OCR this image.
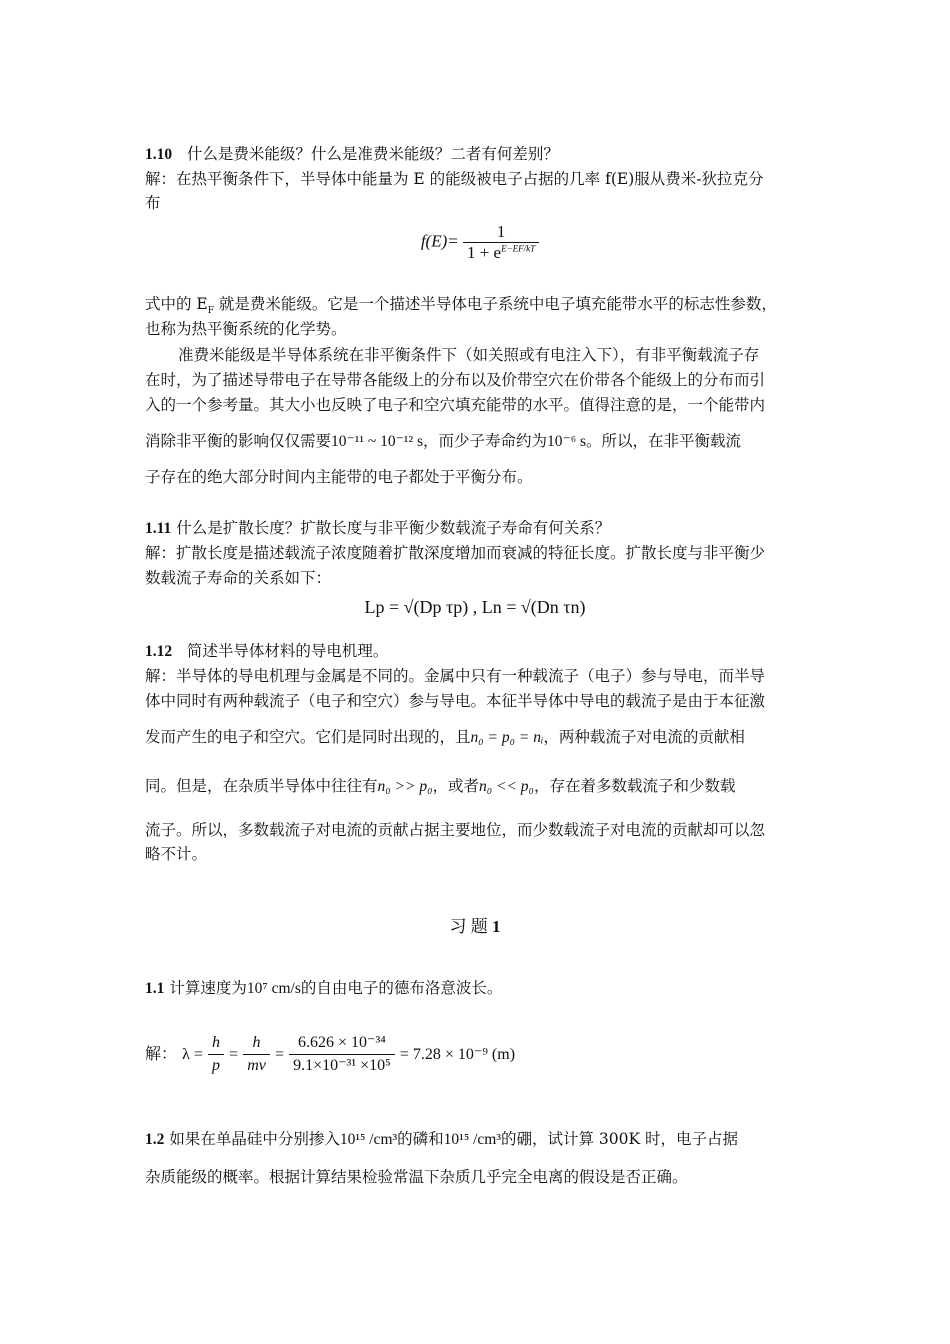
1.10 什么是费米能级？什么是准费米能级？二者有何差别？
解：在热平衡条件下，半导体中能量为 E 的能级被电子占据的几率 f(E)服从费米-狄拉克分
布
$f(E)= \frac{1}{1 + e^{E-EF/kT}}$
式中的 $E_F$ 就是费米能级。它是一个描述半导体电子系统中电子填充能带水平的标志性参数，
也称为热平衡系统的化学势。
准费米能级是半导体系统在非平衡条件下（如关照或有电注入下），有非平衡载流子存
在时，为了描述导带电子在导带各能级上的分布以及价带空穴在价带各个能级上的分布而引
入的一个参考量。其大小也反映了电子和空穴填充能带的水平。值得注意的是，一个能带内
消除非平衡的影响仅仅需要10⁻¹¹ ~ 10⁻¹² s，而少子寿命约为10⁻⁶ s。所以，在非平衡载流
子存在的绝大部分时间内主能带的电子都处于平衡分布。
1.11 什么是扩散长度？扩散长度与非平衡少数载流子寿命有何关系？
解：扩散长度是描述载流子浓度随着扩散深度增加而衰减的特征长度。扩散长度与非平衡少
数载流子寿命的关系如下：
Lp = √(Dp τp) , Ln = √(Dn τn)
1.12 简述半导体材料的导电机理。
解：半导体的导电机理与金属是不同的。金属中只有一种载流子（电子）参与导电，而半导
体中同时有两种载流子（电子和空穴）参与导电。本征半导体中导电的载流子是由于本征激
发而产生的电子和空穴。它们是同时出现的，且n₀ = p₀ = nᵢ，两种载流子对电流的贡献相
同。但是，在杂质半导体中往往有n₀ >> p₀，或者n₀ << p₀，存在着多数载流子和少数载
流子。所以，多数载流子对电流的贡献占据主要地位，而少数载流子对电流的贡献却可以忽
略不计。
习 题 1
1.1 计算速度为10⁷ cm/s的自由电子的德布洛意波长。
解： $\lambda = \frac{h}{p} = \frac{h}{mv} = \frac{\text{6.626 × 10⁻³⁴}}{\text{9.1×10⁻³¹ ×10⁵}} = 7.28 \times 10^{-9}$ (m)
1.2 如果在单晶硅中分别掺入10¹⁵ /cm³的磷和10¹⁵ /cm³的硼，试计算 300K 时，电子占据
杂质能级的概率。根据计算结果检验常温下杂质几乎完全电离的假设是否正确。
